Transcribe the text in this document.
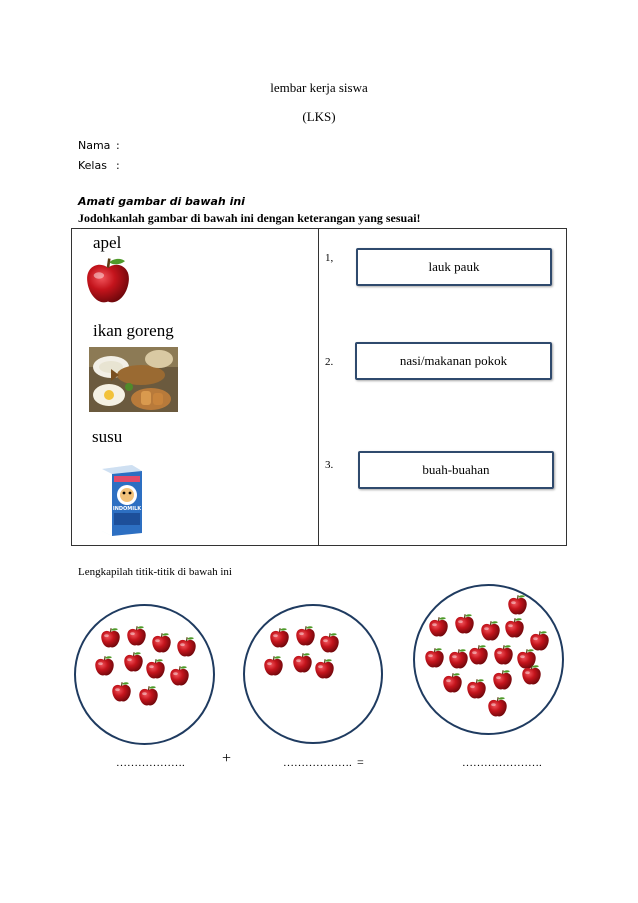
lembar kerja siswa
(LKS)
Nama :
Kelas :
Amati gambar di bawah ini
Jodohkanlah gambar di bawah ini dengan keterangan yang sesuai!
apel
ikan goreng
susu
INDOMILK
1,
lauk pauk
2.	nasi/makanan pokok
3.	buah-buahan
Lengkapilah titik-titik di bawah ini
………………. +	………………. =	………………….
